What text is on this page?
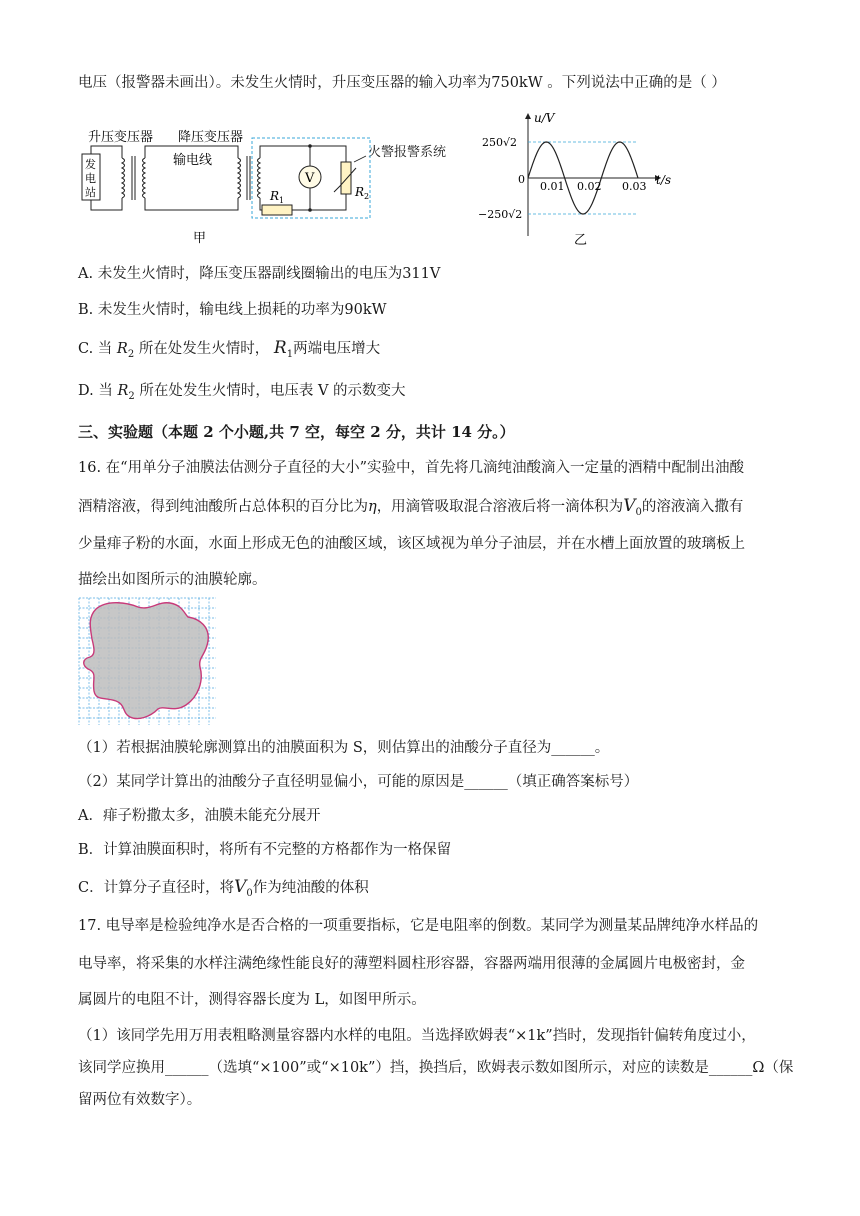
电压（报警器未画出）。未发生火情时，升压变压器的输入功率为750kW 。下列说法中正确的是（ ）
升压变压器 降压变压器
发
电
站
输电线
V
$R_1$
$R_2$
甲
火警报警系统
u/V
t/s
250√2
−250√2
0
0.01 0.02 0.03
乙
A. 未发生火情时，降压变压器副线圈输出的电压为311V
B. 未发生火情时，输电线上损耗的功率为90kW
C. 当 $R_2$ 所在处发生火情时， $R_1$两端电压增大
D. 当 $R_2$ 所在处发生火情时，电压表 V 的示数变大
三、实验题（本题 2 个小题,共 7 空，每空 2 分，共计 14 分。）
16. 在“用单分子油膜法估测分子直径的大小”实验中，首先将几滴纯油酸滴入一定量的酒精中配制出油酸
酒精溶液，得到纯油酸所占总体积的百分比为η，用滴管吸取混合溶液后将一滴体积为$V_0$的溶液滴入撒有
少量痱子粉的水面，水面上形成无色的油酸区域，该区域视为单分子油层，并在水槽上面放置的玻璃板上
描绘出如图所示的油膜轮廓。
（1）若根据油膜轮廓测算出的油膜面积为 S，则估算出的油酸分子直径为______。
（2）某同学计算出的油酸分子直径明显偏小，可能的原因是______（填正确答案标号）
A．痱子粉撒太多，油膜未能充分展开
B．计算油膜面积时，将所有不完整的方格都作为一格保留
C．计算分子直径时，将$V_0$作为纯油酸的体积
17. 电导率是检验纯净水是否合格的一项重要指标，它是电阻率的倒数。某同学为测量某品牌纯净水样品的
电导率，将采集的水样注满绝缘性能良好的薄塑料圆柱形容器，容器两端用很薄的金属圆片电极密封，金
属圆片的电阻不计，测得容器长度为 L，如图甲所示。
（1）该同学先用万用表粗略测量容器内水样的电阻。当选择欧姆表“×1k”挡时，发现指针偏转角度过小，
该同学应换用______（选填“×100”或“×10k”）挡，换挡后，欧姆表示数如图所示，对应的读数是______Ω（保
留两位有效数字）。
